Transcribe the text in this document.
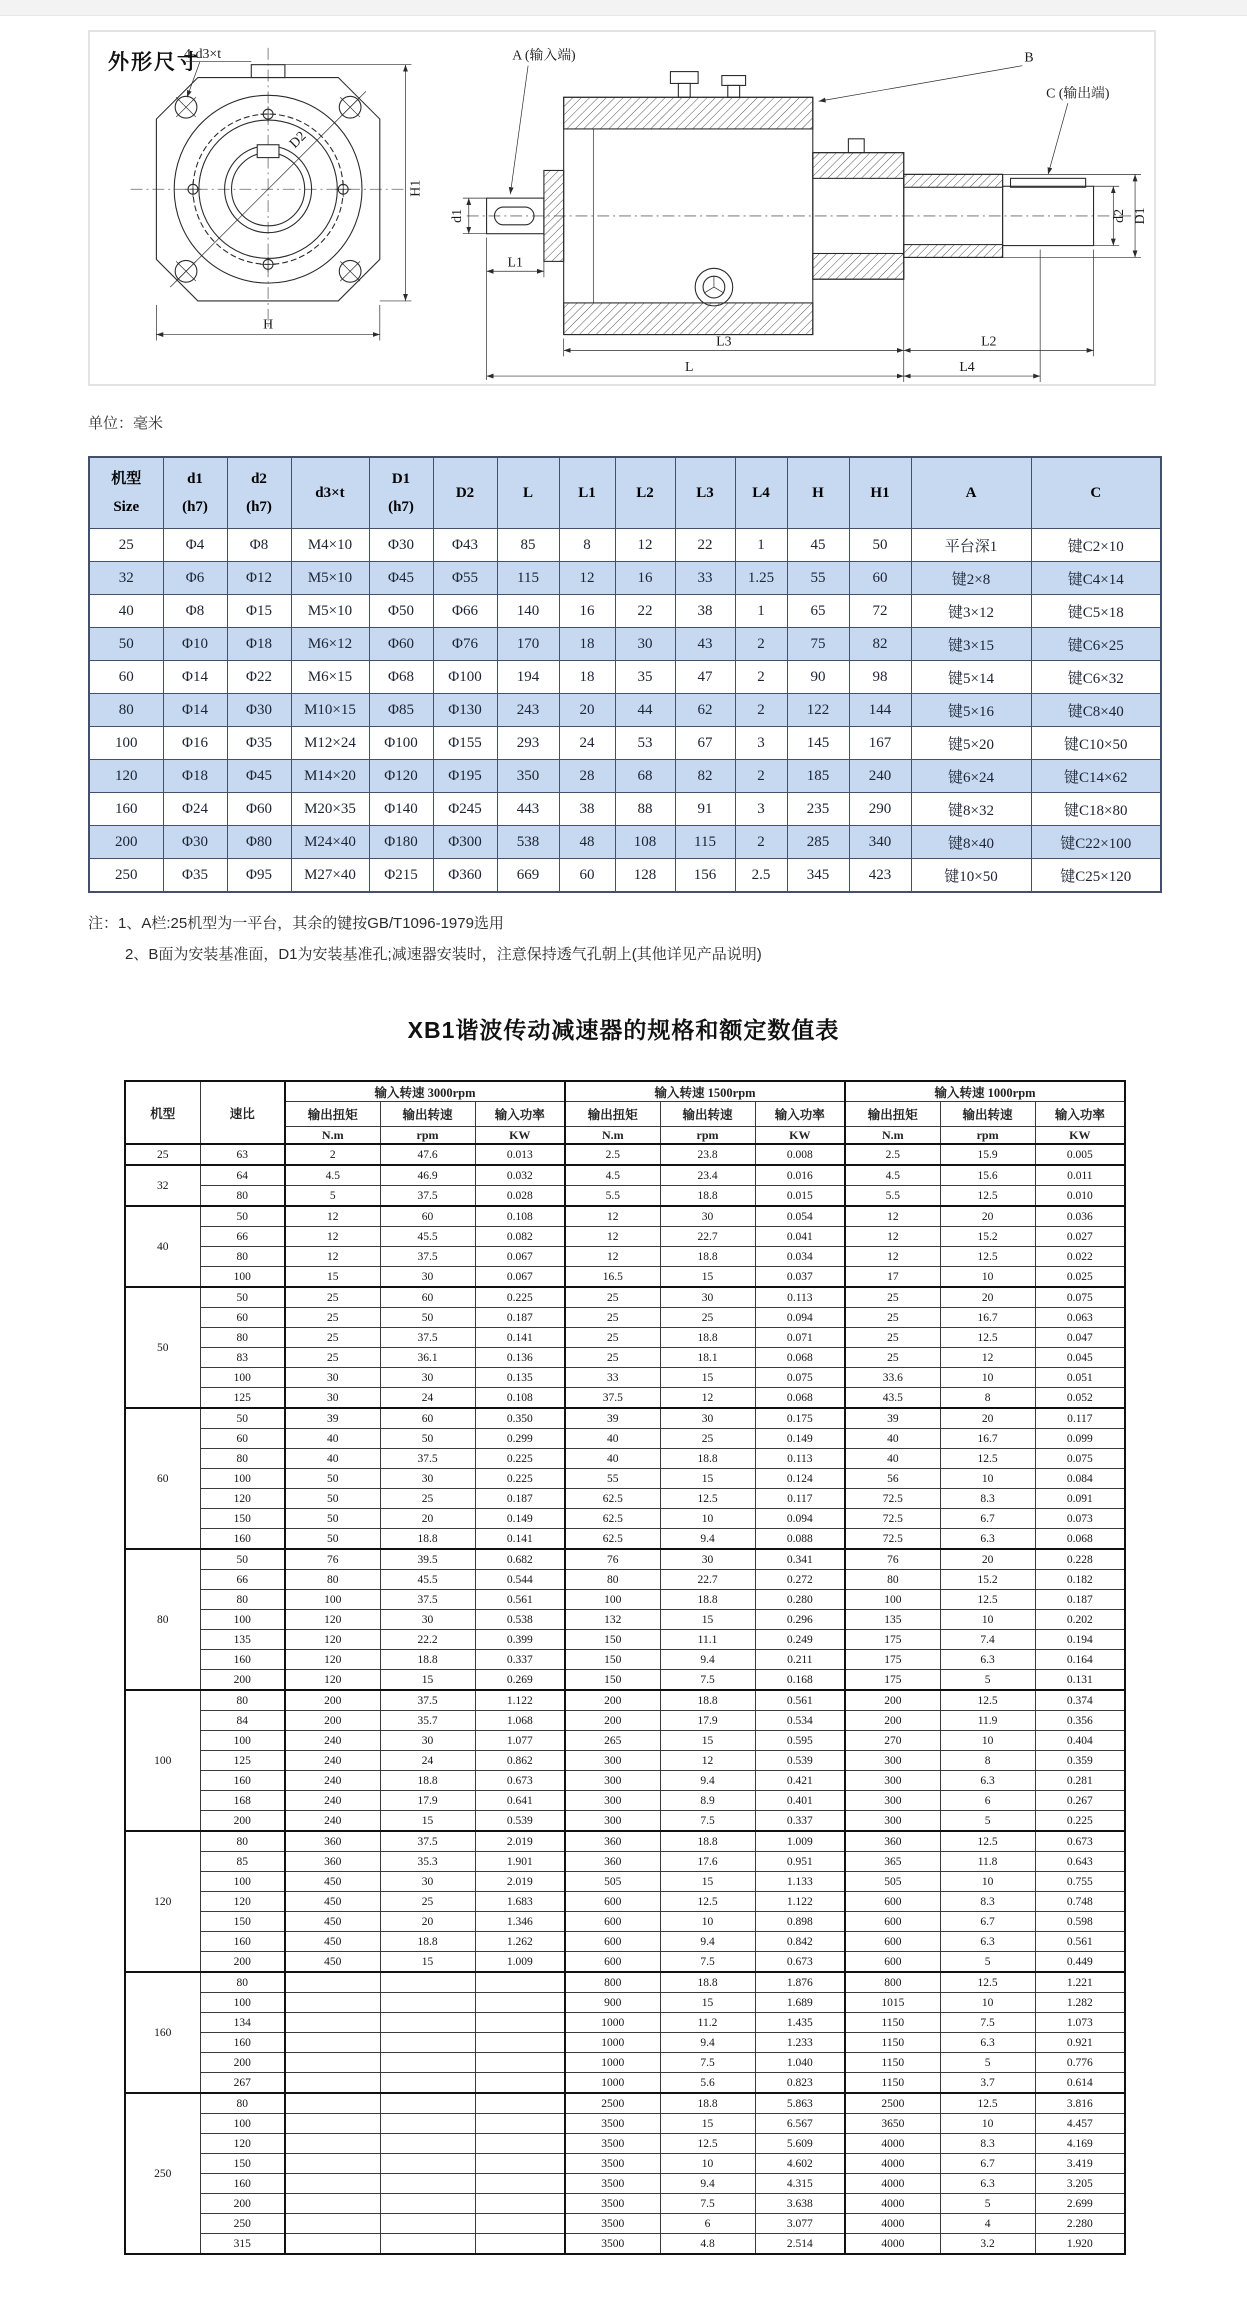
外形尺寸
D2
4-d3×t
H1
H
A (输入端)	B
C (输出端)
d1
L1
L3	L2
L	L4
d2 D1
单位：毫米
机型
Size

d1
(h7)

d2
(h7)

d3×t

D1
(h7)

D2	L	L1	L2	L3	L4	H	H1	A	C

25	Φ4	Φ8	M4×10	Φ30	Φ43	85	8	12	22	1	45	50	平台深1	键C2×10
32	Φ6	Φ12	M5×10	Φ45	Φ55	115	12	16	33	1.25	55	60	键2×8	键C4×14
40	Φ8	Φ15	M5×10	Φ50	Φ66	140	16	22	38	1	65	72	键3×12	键C5×18
50	Φ10	Φ18	M6×12	Φ60	Φ76	170	18	30	43	2	75	82	键3×15	键C6×25
60	Φ14	Φ22	M6×15	Φ68	Φ100	194	18	35	47	2	90	98	键5×14	键C6×32
80	Φ14	Φ30	M10×15	Φ85	Φ130	243	20	44	62	2	122	144	键5×16	键C8×40
100	Φ16	Φ35	M12×24	Φ100	Φ155	293	24	53	67	3	145	167	键5×20	键C10×50
120	Φ18	Φ45	M14×20	Φ120	Φ195	350	28	68	82	2	185	240	键6×24	键C14×62
160	Φ24	Φ60	M20×35	Φ140	Φ245	443	38	88	91	3	235	290	键8×32	键C18×80
200	Φ30	Φ80	M24×40	Φ180	Φ300	538	48	108	115	2	285	340	键8×40	键C22×100
250	Φ35	Φ95	M27×40	Φ215	Φ360	669	60	128	156	2.5	345	423	键10×50	键C25×120
注：1、A栏:25机型为一平台，其余的键按GB/T1096-1979选用
2、B面为安装基准面，D1为安装基准孔;减速器安装时，注意保持透气孔朝上(其他详见产品说明)
XB1谐波传动减速器的规格和额定数值表
机型	速比	输入转速 3000rpm			输入转速 1500rpm			输入转速 1000rpm		
		输出扭矩	输出转速	输入功率	输出扭矩	输出转速	输入功率	输出扭矩	输出转速	输入功率
		N.m	rpm	KW	N.m	rpm	KW	N.m	rpm	KW
25	63	2	47.6	0.013	2.5	23.8	0.008	2.5	15.9	0.005
32	64	4.5	46.9	0.032	4.5	23.4	0.016	4.5	15.6	0.011
	80	5	37.5	0.028	5.5	18.8	0.015	5.5	12.5	0.010
40	50	12	60	0.108	12	30	0.054	12	20	0.036
	66	12	45.5	0.082	12	22.7	0.041	12	15.2	0.027
	80	12	37.5	0.067	12	18.8	0.034	12	12.5	0.022
	100	15	30	0.067	16.5	15	0.037	17	10	0.025
50	50	25	60	0.225	25	30	0.113	25	20	0.075
	60	25	50	0.187	25	25	0.094	25	16.7	0.063
	80	25	37.5	0.141	25	18.8	0.071	25	12.5	0.047
	83	25	36.1	0.136	25	18.1	0.068	25	12	0.045
	100	30	30	0.135	33	15	0.075	33.6	10	0.051
	125	30	24	0.108	37.5	12	0.068	43.5	8	0.052
60	50	39	60	0.350	39	30	0.175	39	20	0.117
	60	40	50	0.299	40	25	0.149	40	16.7	0.099
	80	40	37.5	0.225	40	18.8	0.113	40	12.5	0.075
	100	50	30	0.225	55	15	0.124	56	10	0.084
	120	50	25	0.187	62.5	12.5	0.117	72.5	8.3	0.091
	150	50	20	0.149	62.5	10	0.094	72.5	6.7	0.073
	160	50	18.8	0.141	62.5	9.4	0.088	72.5	6.3	0.068
80	50	76	39.5	0.682	76	30	0.341	76	20	0.228
	66	80	45.5	0.544	80	22.7	0.272	80	15.2	0.182
	80	100	37.5	0.561	100	18.8	0.280	100	12.5	0.187
	100	120	30	0.538	132	15	0.296	135	10	0.202
	135	120	22.2	0.399	150	11.1	0.249	175	7.4	0.194
	160	120	18.8	0.337	150	9.4	0.211	175	6.3	0.164
	200	120	15	0.269	150	7.5	0.168	175	5	0.131
100	80	200	37.5	1.122	200	18.8	0.561	200	12.5	0.374
	84	200	35.7	1.068	200	17.9	0.534	200	11.9	0.356
	100	240	30	1.077	265	15	0.595	270	10	0.404
	125	240	24	0.862	300	12	0.539	300	8	0.359
	160	240	18.8	0.673	300	9.4	0.421	300	6.3	0.281
	168	240	17.9	0.641	300	8.9	0.401	300	6	0.267
	200	240	15	0.539	300	7.5	0.337	300	5	0.225
120	80	360	37.5	2.019	360	18.8	1.009	360	12.5	0.673
	85	360	35.3	1.901	360	17.6	0.951	365	11.8	0.643
	100	450	30	2.019	505	15	1.133	505	10	0.755
	120	450	25	1.683	600	12.5	1.122	600	8.3	0.748
	150	450	20	1.346	600	10	0.898	600	6.7	0.598
	160	450	18.8	1.262	600	9.4	0.842	600	6.3	0.561
	200	450	15	1.009	600	7.5	0.673	600	5	0.449
160	80				800	18.8	1.876	800	12.5	1.221
	100				900	15	1.689	1015	10	1.282
	134				1000	11.2	1.435	1150	7.5	1.073
	160				1000	9.4	1.233	1150	6.3	0.921
	200				1000	7.5	1.040	1150	5	0.776
	267				1000	5.6	0.823	1150	3.7	0.614
250	80				2500	18.8	5.863	2500	12.5	3.816
	100				3500	15	6.567	3650	10	4.457
	120				3500	12.5	5.609	4000	8.3	4.169
	150				3500	10	4.602	4000	6.7	3.419
	160				3500	9.4	4.315	4000	6.3	3.205
	200				3500	7.5	3.638	4000	5	2.699
	250				3500	6	3.077	4000	4	2.280
	315				3500	4.8	2.514	4000	3.2	1.920
